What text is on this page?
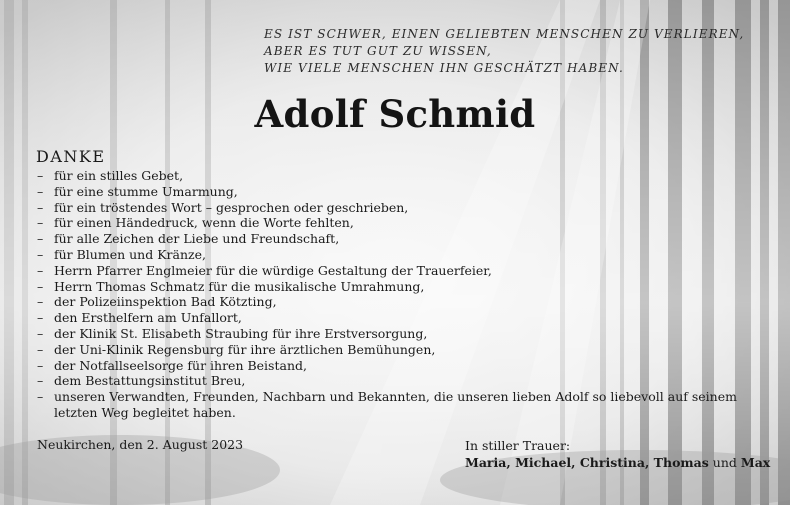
ES IST SCHWER, EINEN GELIEBTEN MENSCHEN ZU VERLIEREN,
ABER ES TUT GUT ZU WISSEN,
WIE VIELE MENSCHEN IHN GESCHÄTZT HABEN.
Adolf Schmid
DANKE
– für ein stilles Gebet,
– für eine stumme Umarmung,
– für ein tröstendes Wort – gesprochen oder geschrieben,
– für einen Händedruck, wenn die Worte fehlten,
– für alle Zeichen der Liebe und Freundschaft,
– für Blumen und Kränze,
– Herrn Pfarrer Englmeier für die würdige Gestaltung der Trauerfeier,
– Herrn Thomas Schmatz für die musikalische Umrahmung,
– der Polizeiinspektion Bad Kötzting,
– den Ersthelfern am Unfallort,
– der Klinik St. Elisabeth Straubing für ihre Erstversorgung,
– der Uni-Klinik Regensburg für ihre ärztlichen Bemühungen,
– der Notfallseelsorge für ihren Beistand,
– dem Bestattungsinstitut Breu,
– unseren Verwandten, Freunden, Nachbarn und Bekannten, die unseren lieben Adolf so liebevoll auf seinem letzten Weg begleitet haben.
Neukirchen, den 2. August 2023	In stiller Trauer:
Maria, Michael, Christina, Thomas und Max
